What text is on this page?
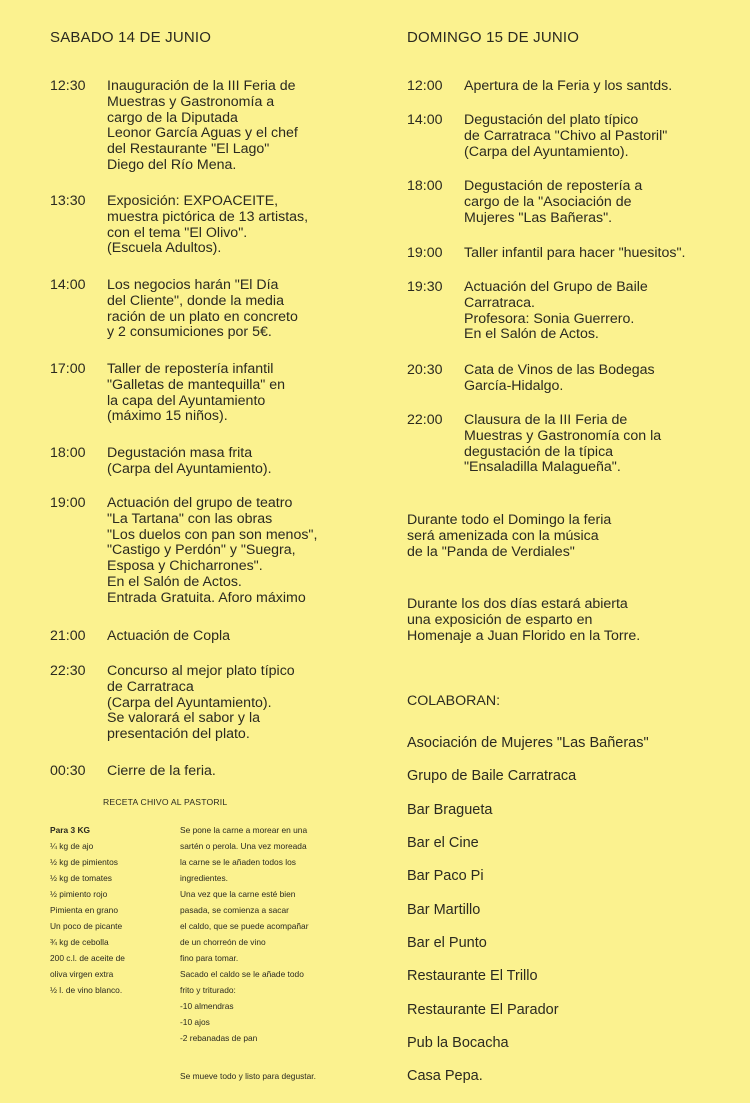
SABADO 14 DE JUNIO
12:30	Inauguración de la III Feria de
Muestras y Gastronomía a
cargo de la Diputada
Leonor García Aguas y el chef
del Restaurante "El Lago"
Diego del Río Mena.
13:30	Exposición: EXPOACEITE,
muestra pictórica de 13 artistas,
con el tema "El Olivo".
(Escuela Adultos).
14:00	Los negocios harán "El Día
del Cliente", donde la media
ración de un plato en concreto
y 2 consumiciones por 5€.
17:00	Taller de repostería infantil
"Galletas de mantequilla" en
la capa del Ayuntamiento
(máximo 15 niños).
18:00	Degustación masa frita
(Carpa del Ayuntamiento).
19:00	Actuación del grupo de teatro
"La Tartana" con las obras
"Los duelos con pan son menos",
"Castigo y Perdón" y "Suegra,
Esposa y Chicharrones".
En el Salón de Actos.
Entrada Gratuita. Aforo máximo
21:00	Actuación de Copla
22:30	Concurso al mejor plato típico
de Carratraca
(Carpa del Ayuntamiento).
Se valorará el sabor y la
presentación del plato.
00:30	Cierre de la feria.
RECETA CHIVO AL PASTORIL
Para 3 KG
¼ kg de ajo
½ kg de pimientos
½ kg de tomates
½ pimiento rojo
Pimienta en grano
Un poco de picante
¾ kg de cebolla
200 c.l. de aceite de
oliva virgen extra
½ l. de vino blanco.
Se pone la carne a morear en una
sartén o perola. Una vez moreada
la carne se le añaden todos los
ingredientes.
Una vez que la carne esté bien
pasada, se comienza a sacar
el caldo, que se puede acompañar
de un chorreón de vino
fino para tomar.
Sacado el caldo se le añade todo
frito y triturado:
-10 almendras
-10 ajos
-2 rebanadas de pan
Se mueve todo y listo para degustar.
DOMINGO 15 DE JUNIO
12:00	Apertura de la Feria y los santds.
14:00	Degustación del plato típico
de Carratraca "Chivo al Pastoril"
(Carpa del Ayuntamiento).
18:00	Degustación de repostería a
cargo de la "Asociación de
Mujeres "Las Bañeras".
19:00	Taller infantil para hacer "huesitos".
19:30	Actuación del Grupo de Baile
Carratraca.
Profesora: Sonia Guerrero.
En el Salón de Actos.
20:30	Cata de Vinos de las Bodegas
García-Hidalgo.
22:00	Clausura de la III Feria de
Muestras y Gastronomía con la
degustación de la típica
"Ensaladilla Malagueña".
Durante todo el Domingo la feria
será amenizada con la música
de la "Panda de Verdiales"
Durante los dos días estará abierta
una exposición de esparto en
Homenaje a Juan Florido en la Torre.
COLABORAN:
Asociación de Mujeres "Las Bañeras"
Grupo de Baile Carratraca
Bar Bragueta
Bar el Cine
Bar Paco Pi
Bar Martillo
Bar el Punto
Restaurante El Trillo
Restaurante El Parador
Pub la Bocacha
Casa Pepa.
